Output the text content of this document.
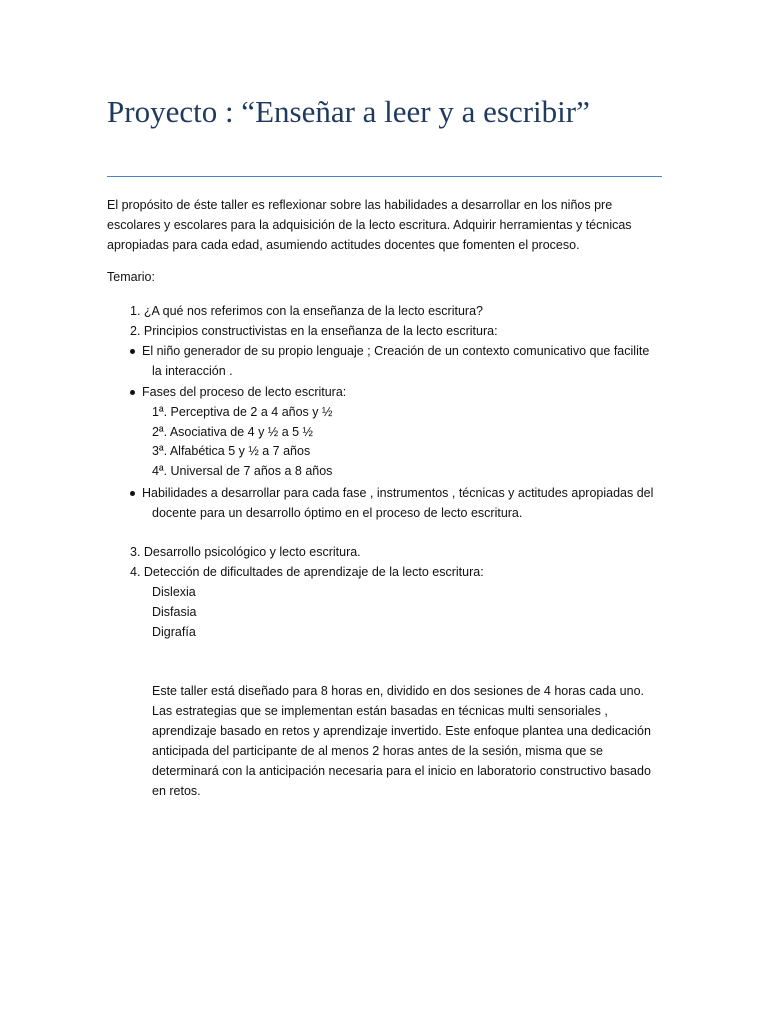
Proyecto : “Enseñar a leer y a escribir”

El propósito de éste taller es reflexionar sobre las habilidades a desarrollar en los niños pre escolares y escolares para la adquisición de la lecto escritura. Adquirir herramientas y técnicas apropiadas para cada edad, asumiendo actitudes docentes que fomenten el proceso.

Temario:

1. ¿A qué nos referimos con la enseñanza de la lecto escritura?
2. Principios constructivistas en la enseñanza de la lecto escritura:
El niño generador de su propio lenguaje ; Creación de un contexto comunicativo que facilite
la interacción .
Fases del proceso de lecto escritura:
1ª. Perceptiva de 2 a 4 años y ½
2ª. Asociativa de 4 y ½ a 5 ½
3ª. Alfabética 5 y ½ a 7 años
4ª. Universal de 7 años a 8 años
Habilidades a desarrollar para cada fase , instrumentos , técnicas y actitudes apropiadas del
docente para un desarrollo óptimo en el proceso de lecto escritura.
3. Desarrollo psicológico y lecto escritura.
4. Detección de dificultades de aprendizaje de la lecto escritura:
Dislexia
Disfasia
Digrafía

Este taller está diseñado para 8 horas en, dividido en dos sesiones de 4 horas cada uno. Las estrategias que se implementan están basadas en técnicas multi sensoriales , aprendizaje basado en retos y aprendizaje invertido. Este enfoque plantea una dedicación anticipada del participante de al menos 2 horas antes de la sesión, misma que se determinará con la anticipación necesaria para el inicio en laboratorio constructivo basado en retos.
